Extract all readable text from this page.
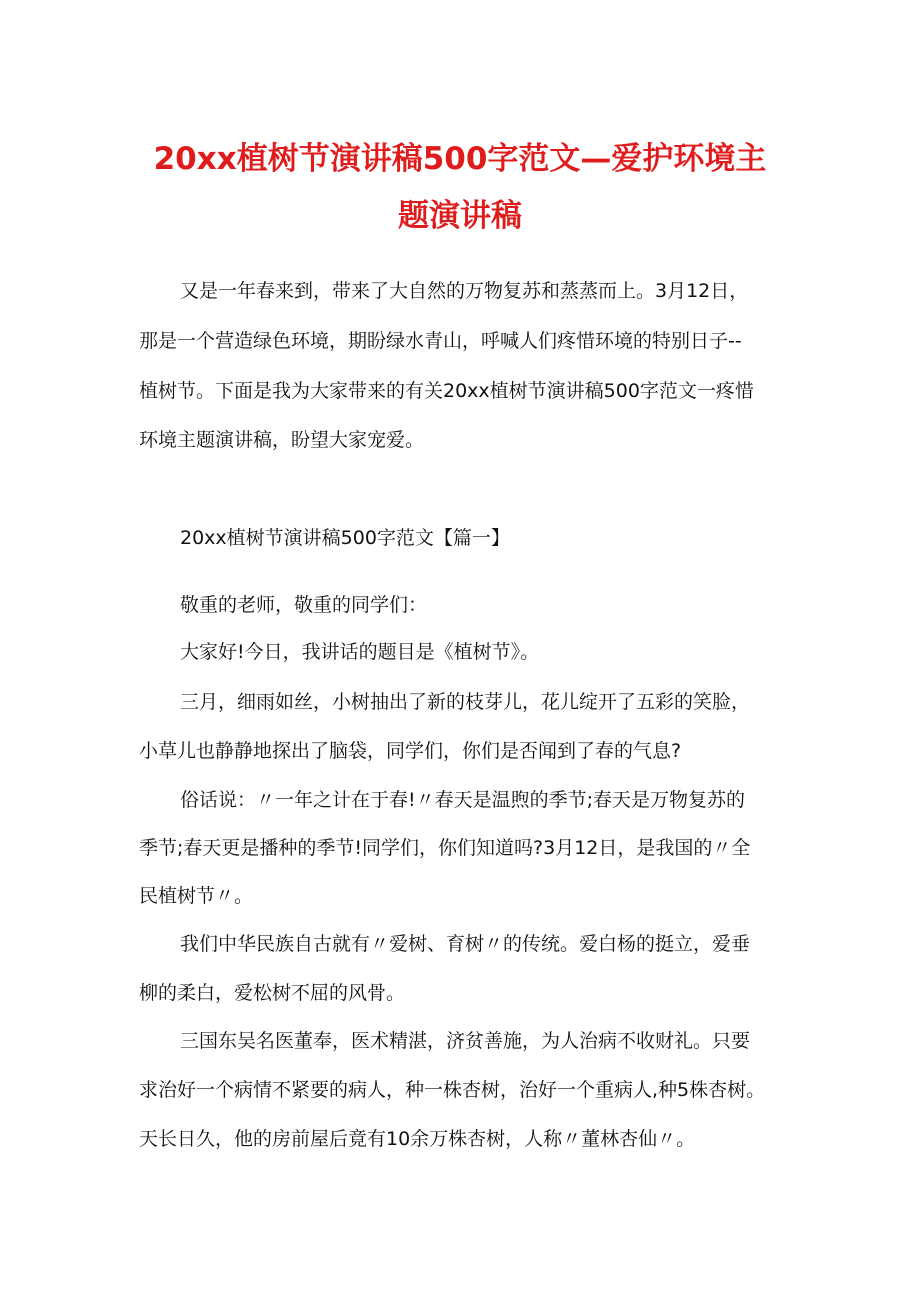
20xx植树节演讲稿500字范文—爱护环境主
题演讲稿
又是一年春来到，带来了大自然的万物复苏和蒸蒸而上。3月12日，
那是一个营造绿色环境，期盼绿水青山，呼喊人们疼惜环境的特别日子--
植树节。下面是我为大家带来的有关20xx植树节演讲稿500字范文一疼惜
环境主题演讲稿，盼望大家宠爱。
20xx植树节演讲稿500字范文【篇一】
敬重的老师，敬重的同学们：
大家好!今日，我讲话的题目是《植树节》。
三月，细雨如丝，小树抽出了新的枝芽儿，花儿绽开了五彩的笑脸，
小草儿也静静地探出了脑袋，同学们，你们是否闻到了春的气息?
俗话说：〃一年之计在于春!〃春天是温煦的季节;春天是万物复苏的
季节;春天更是播种的季节!同学们，你们知道吗?3月12日，是我国的〃全
民植树节〃。
我们中华民族自古就有〃爱树、育树〃的传统。爱白杨的挺立，爱垂
柳的柔白，爱松树不屈的风骨。
三国东吴名医董奉，医术精湛，济贫善施，为人治病不收财礼。只要
求治好一个病情不紧要的病人，种一株杏树，治好一个重病人,种5株杏树。
天长日久，他的房前屋后竟有10余万株杏树，人称〃董林杏仙〃。
